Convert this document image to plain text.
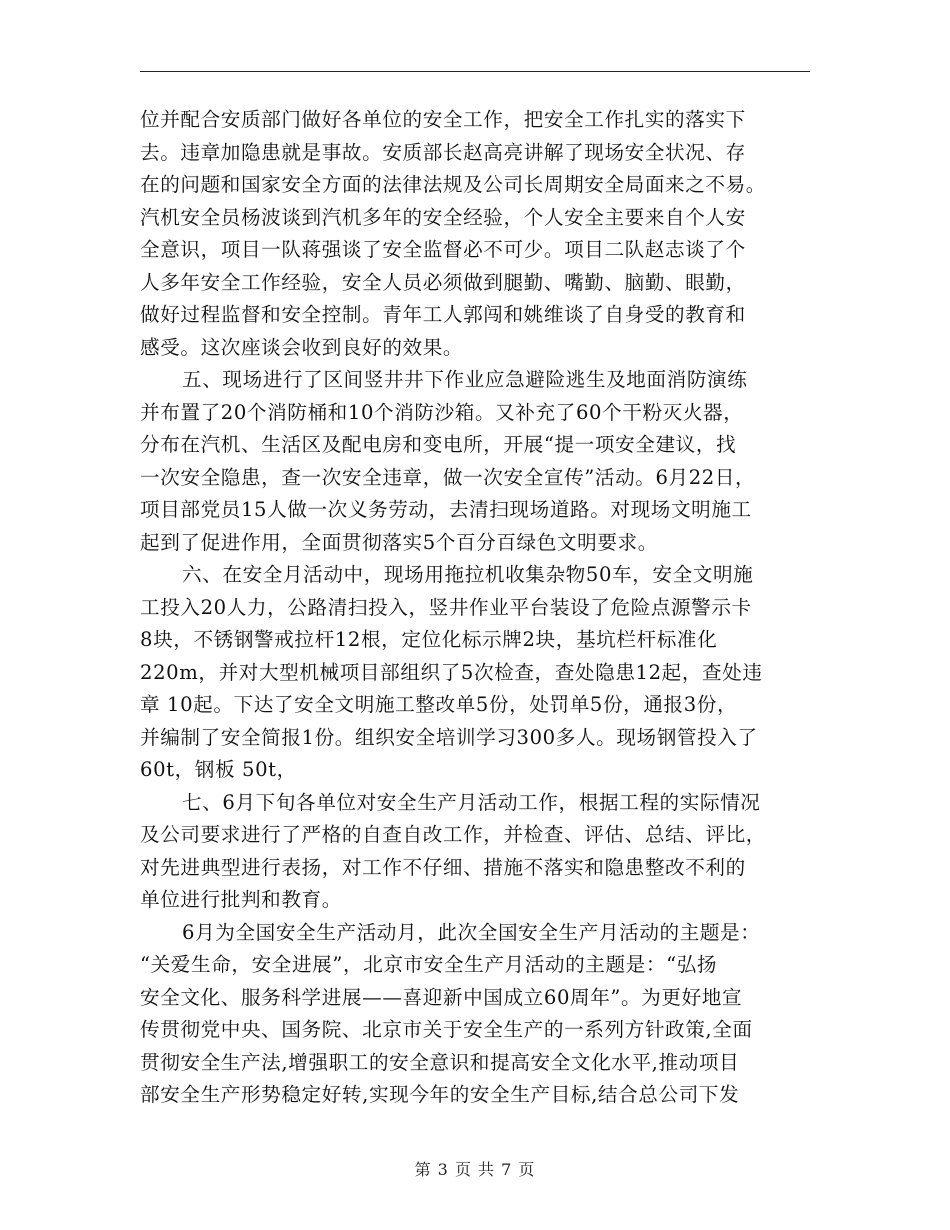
位并配合安质部门做好各单位的安全工作，把安全工作扎实的落实下
去。违章加隐患就是事故。安质部长赵高亮讲解了现场安全状况、存
在的问题和国家安全方面的法律法规及公司长周期安全局面来之不易。
汽机安全员杨波谈到汽机多年的安全经验，个人安全主要来自个人安
全意识，项目一队蒋强谈了安全监督必不可少。项目二队赵志谈了个
人多年安全工作经验，安全人员必须做到腿勤、嘴勤、脑勤、眼勤，
做好过程监督和安全控制。青年工人郭闯和姚维谈了自身受的教育和
感受。这次座谈会收到良好的效果。
五、现场进行了区间竖井井下作业应急避险逃生及地面消防演练
并布置了20个消防桶和10个消防沙箱。又补充了60个干粉灭火器，
分布在汽机、生活区及配电房和变电所，开展“提一项安全建议，找
一次安全隐患，查一次安全违章，做一次安全宣传”活动。6月22日，
项目部党员15人做一次义务劳动，去清扫现场道路。对现场文明施工
起到了促进作用，全面贯彻落实5个百分百绿色文明要求。
六、在安全月活动中，现场用拖拉机收集杂物50车，安全文明施
工投入20人力，公路清扫投入，竖井作业平台装设了危险点源警示卡
8块，不锈钢警戒拉杆12根，定位化标示牌2块，基坑栏杆标准化
220m，并对大型机械项目部组织了5次检查，查处隐患12起，查处违
章 10起。下达了安全文明施工整改单5份，处罚单5份，通报3份，
并编制了安全简报1份。组织安全培训学习300多人。现场钢管投入了
60t，钢板 50t，
七、6月下旬各单位对安全生产月活动工作，根据工程的实际情况
及公司要求进行了严格的自查自改工作，并检查、评估、总结、评比，
对先进典型进行表扬，对工作不仔细、措施不落实和隐患整改不利的
单位进行批判和教育。
6月为全国安全生产活动月，此次全国安全生产月活动的主题是：
“关爱生命，安全进展”，北京市安全生产月活动的主题是：“弘扬
安全文化、服务科学进展——喜迎新中国成立60周年”。为更好地宣
传贯彻党中央、国务院、北京市关于安全生产的一系列方针政策,全面
贯彻安全生产法,增强职工的安全意识和提高安全文化水平,推动项目
部安全生产形势稳定好转,实现今年的安全生产目标,结合总公司下发
第 3 页 共 7 页
